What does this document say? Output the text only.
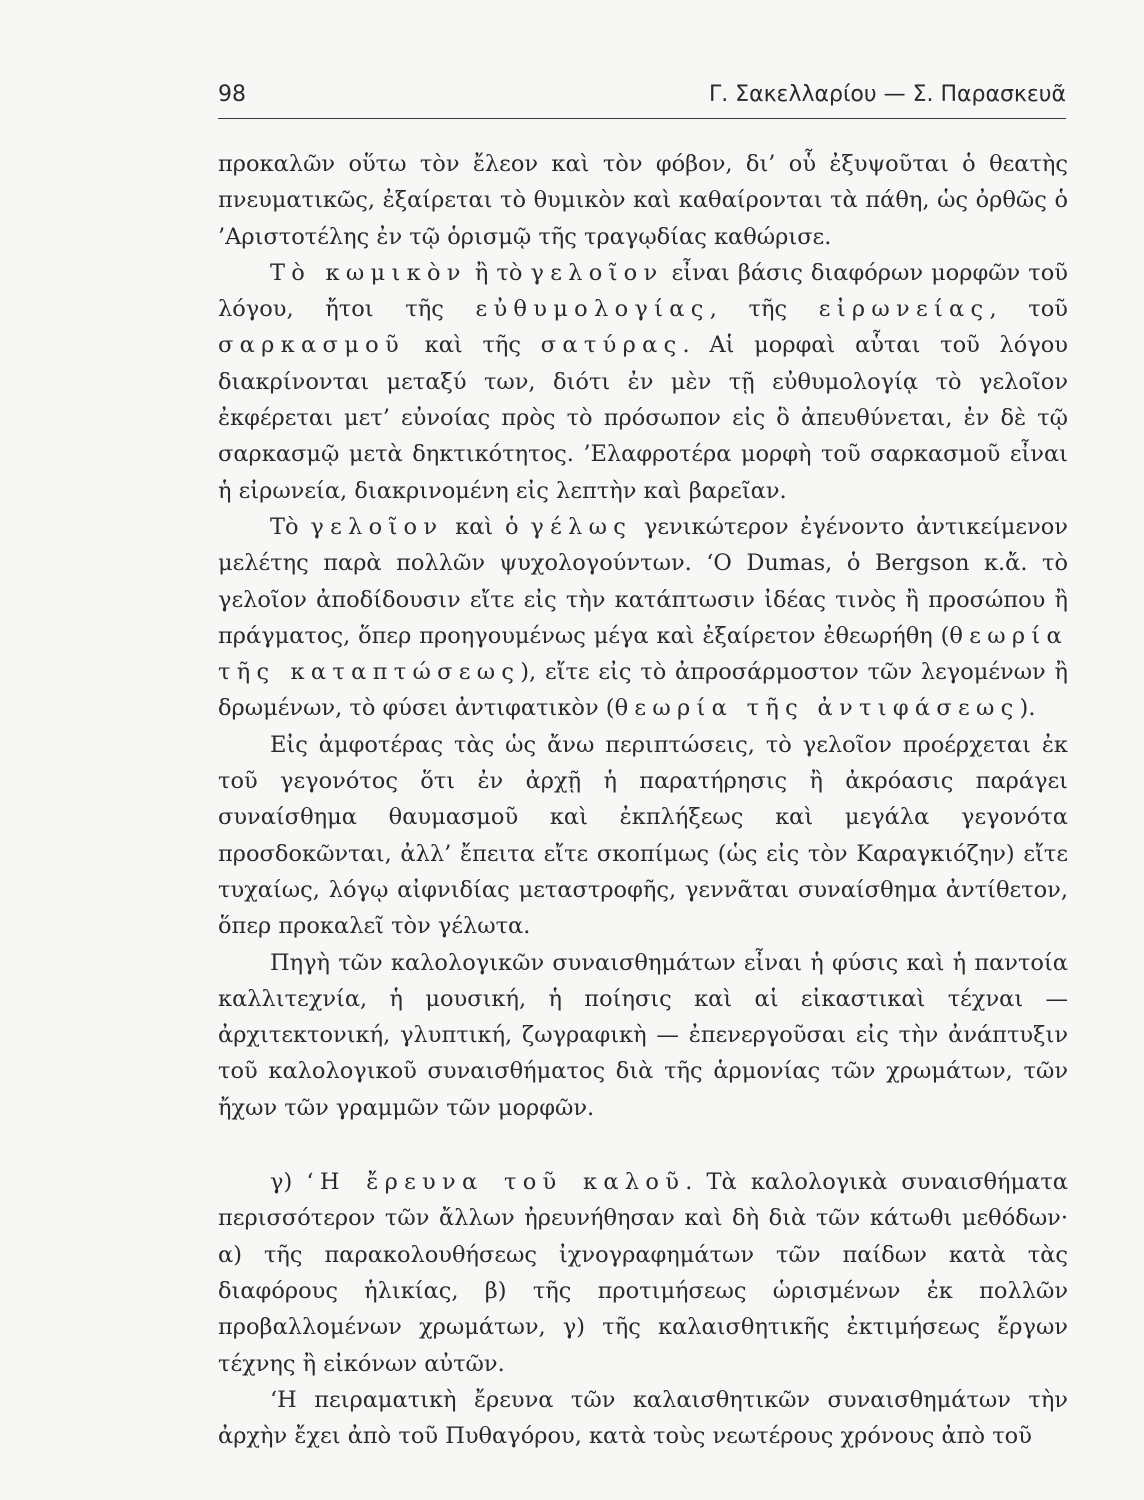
98	Γ. Σακελλαρίου — Σ. Παρασκευᾶ

προκαλῶν οὕτω τὸν ἔλεον καὶ τὸν φόβον, δι’ οὗ ἐξυψοῦται ὁ θεατὴς πνευματικῶς, ἐξαίρεται τὸ θυμικὸν καὶ καθαίρονται τὰ πάθη, ὡς ὀρθῶς ὁ ’Αριστοτέλης ἐν τῷ ὁρισμῷ τῆς τραγῳδίας καθώρισε.

Τὸ κωμικὸν ἢ τὸ γελοῖον εἶναι βάσις διαφόρων μορφῶν τοῦ λόγου, ἤτοι τῆς εὐθυμολογίας, τῆς εἰρωνείας, τοῦ σαρκασμοῦ καὶ τῆς σατύρας. Αἱ μορφαὶ αὗται τοῦ λόγου διακρίνονται μεταξύ των, διότι ἐν μὲν τῇ εὐθυμολογίᾳ τὸ γελοῖον ἐκφέρεται μετ’ εὐνοίας πρὸς τὸ πρόσωπον εἰς ὃ ἀπευθύνεται, ἐν δὲ τῷ σαρκασμῷ μετὰ δηκτικότητος. ’Ελαφροτέρα μορφὴ τοῦ σαρκασμοῦ εἶναι ἡ εἰρωνεία, διακρινομένη εἰς λεπτὴν καὶ βαρεῖαν.

Τὸ γελοῖον καὶ ὁ γέλως γενικώτερον ἐγένοντο ἀντικείμενον μελέτης παρὰ πολλῶν ψυχολογούντων. ‘Ο Dumas, ὁ Bergson κ.ἄ. τὸ γελοῖον ἀποδίδουσιν εἴτε εἰς τὴν κατάπτωσιν ἰδέας τινὸς ἢ προσώπου ἢ πράγματος, ὅπερ προηγουμένως μέγα καὶ ἐξαίρετον ἐθεωρήθη (θεωρία τῆς καταπτώσεως), εἴτε εἰς τὸ ἀπροσάρμοστον τῶν λεγομένων ἢ δρωμένων, τὸ φύσει ἀντιφατικὸν (θεωρία τῆς ἀντιφάσεως).

Εἰς ἀμφοτέρας τὰς ὡς ἄνω περιπτώσεις, τὸ γελοῖον προέρχεται ἐκ τοῦ γεγονότος ὅτι ἐν ἀρχῇ ἡ παρατήρησις ἢ ἀκρόασις παράγει συναίσθημα θαυμασμοῦ καὶ ἐκπλήξεως καὶ μεγάλα γεγονότα προσδοκῶνται, ἀλλ’ ἔπειτα εἴτε σκοπίμως (ὡς εἰς τὸν Καραγκιόζην) εἴτε τυχαίως, λόγῳ αἰφνιδίας μεταστροφῆς, γεννᾶται συναίσθημα ἀντίθετον, ὅπερ προκαλεῖ τὸν γέλωτα.

Πηγὴ τῶν καλολογικῶν συναισθημάτων εἶναι ἡ φύσις καὶ ἡ παντοία καλλιτεχνία, ἡ μουσική, ἡ ποίησις καὶ αἱ εἰκαστικαὶ τέχναι — ἀρχιτεκτονική, γλυπτική, ζωγραφικὴ — ἐπενεργοῦσαι εἰς τὴν ἀνάπτυξιν τοῦ καλολογικοῦ συναισθήματος διὰ τῆς ἁρμονίας τῶν χρωμάτων, τῶν ἤχων τῶν γραμμῶν τῶν μορφῶν.

γ) ‘Η ἔρευνα τοῦ καλοῦ. Τὰ καλολογικὰ συναισθήματα περισσότερον τῶν ἄλλων ἠρευνήθησαν καὶ δὴ διὰ τῶν κάτωθι μεθόδων· α) τῆς παρακολουθήσεως ἰχνογραφημάτων τῶν παίδων κατὰ τὰς διαφόρους ἡλικίας, β) τῆς προτιμήσεως ὡρισμένων ἐκ πολλῶν προβαλλομένων χρωμάτων, γ) τῆς καλαισθητικῆς ἐκτιμήσεως ἔργων τέχνης ἢ εἰκόνων αὐτῶν.

‘Η πειραματικὴ ἔρευνα τῶν καλαισθητικῶν συναισθημάτων τὴν ἀρχὴν ἔχει ἀπὸ τοῦ Πυθαγόρου, κατὰ τοὺς νεωτέρους χρόνους ἀπὸ τοῦ
